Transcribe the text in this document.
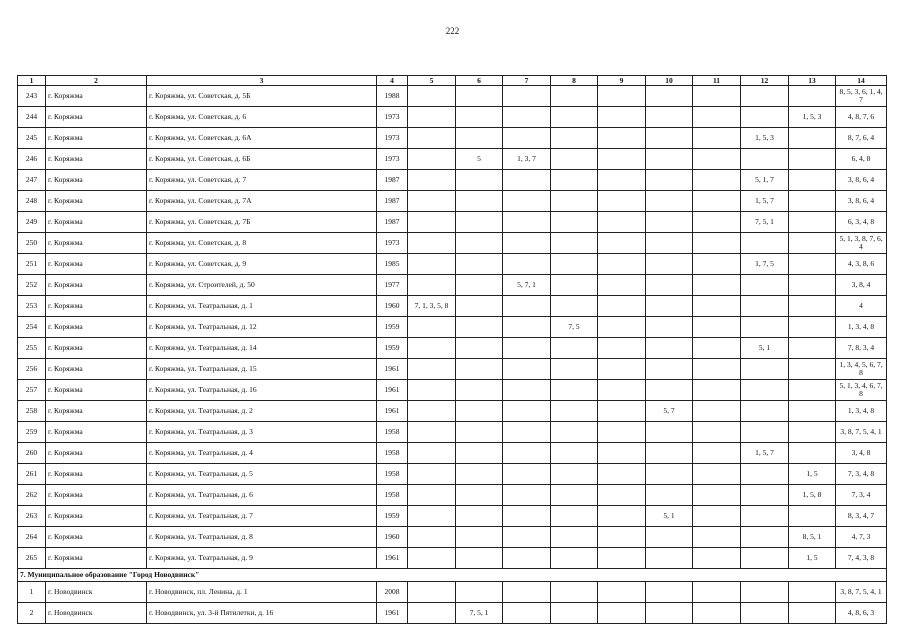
222
1	2	3	4	5	6	7	8	9	10	11	12	13	14
243	г. Коряжма	г. Коряжма, ул. Советская, д. 5Б	1988										8, 5, 3, 6, 1, 4, 7
244	г. Коряжма	г. Коряжма, ул. Советская, д. 6	1973									1, 5, 3	4, 8, 7, 6
245	г. Коряжма	г. Коряжма, ул. Советская, д. 6А	1973								1, 5, 3		8, 7, 6, 4
246	г. Коряжма	г. Коряжма, ул. Советская, д. 6Б	1973		5	1, 3, 7							6, 4, 8
247	г. Коряжма	г. Коряжма, ул. Советская, д. 7	1987								5, 1, 7		3, 8, 6, 4
248	г. Коряжма	г. Коряжма, ул. Советская, д. 7А	1987								1, 5, 7		3, 8, 6, 4
249	г. Коряжма	г. Коряжма, ул. Советская, д. 7Б	1987								7, 5, 1		6, 3, 4, 8
250	г. Коряжма	г. Коряжма, ул. Советская, д. 8	1973										5, 1, 3, 8, 7, 6, 4
251	г. Коряжма	г. Коряжма, ул. Советская, д. 9	1985								1, 7, 5		4, 3, 8, 6
252	г. Коряжма	г. Коряжма, ул. Строителей, д. 50	1977			5, 7, 1							3, 8, 4
253	г. Коряжма	г. Коряжма, ул. Театральная, д. 1	1960	7, 1, 3, 5, 8									4
254	г. Коряжма	г. Коряжма, ул. Театральная, д. 12	1959				7, 5						1, 3, 4, 8
255	г. Коряжма	г. Коряжма, ул. Театральная, д. 14	1959								5, 1		7, 8, 3, 4
256	г. Коряжма	г. Коряжма, ул. Театральная, д. 15	1961										1, 3, 4, 5, 6, 7, 8
257	г. Коряжма	г. Коряжма, ул. Театральная, д. 16	1961										5, 1, 3, 4, 6, 7, 8
258	г. Коряжма	г. Коряжма, ул. Театральная, д. 2	1961						5, 7				1, 3, 4, 8
259	г. Коряжма	г. Коряжма, ул. Театральная, д. 3	1958										3, 8, 7, 5, 4, 1
260	г. Коряжма	г. Коряжма, ул. Театральная, д. 4	1958								1, 5, 7		3, 4, 8
261	г. Коряжма	г. Коряжма, ул. Театральная, д. 5	1958									1, 5	7, 3, 4, 8
262	г. Коряжма	г. Коряжма, ул. Театральная, д. 6	1958									1, 5, 8	7, 3, 4
263	г. Коряжма	г. Коряжма, ул. Театральная, д. 7	1959						5, 1				8, 3, 4, 7
264	г. Коряжма	г. Коряжма, ул. Театральная, д. 8	1960									8, 5, 1	4, 7, 3
265	г. Коряжма	г. Коряжма, ул. Театральная, д. 9	1961									1, 5	7, 4, 3, 8
7. Муниципальное образование "Город Новодвинск"													
1	г. Новодвинск	г. Новодвинск, пл. Ленина, д. 1	2008										3, 8, 7, 5, 4, 1
2	г. Новодвинск	г. Новодвинск, ул. 3-й Пятилетки, д. 16	1961		7, 5, 1								4, 8, 6, 3
